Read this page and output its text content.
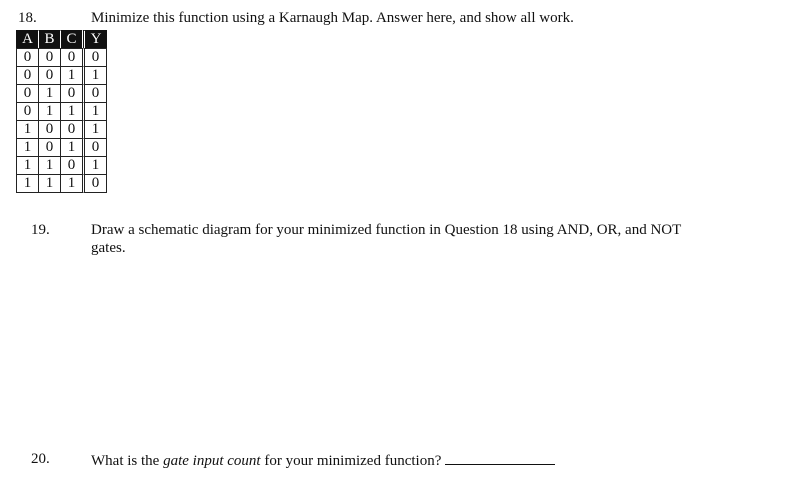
18.	Minimize this function using a Karnaugh Map. Answer here, and show all work.
A	B	C	Y
0	0	0	0
0	0	1	1
0	1	0	0
0	1	1	1
1	0	0	1
1	0	1	0
1	1	0	1
1	1	1	0
19.	Draw a schematic diagram for your minimized function in Question 18 using AND, OR, and NOT
gates.
20.	What is the gate input count for your minimized function?
